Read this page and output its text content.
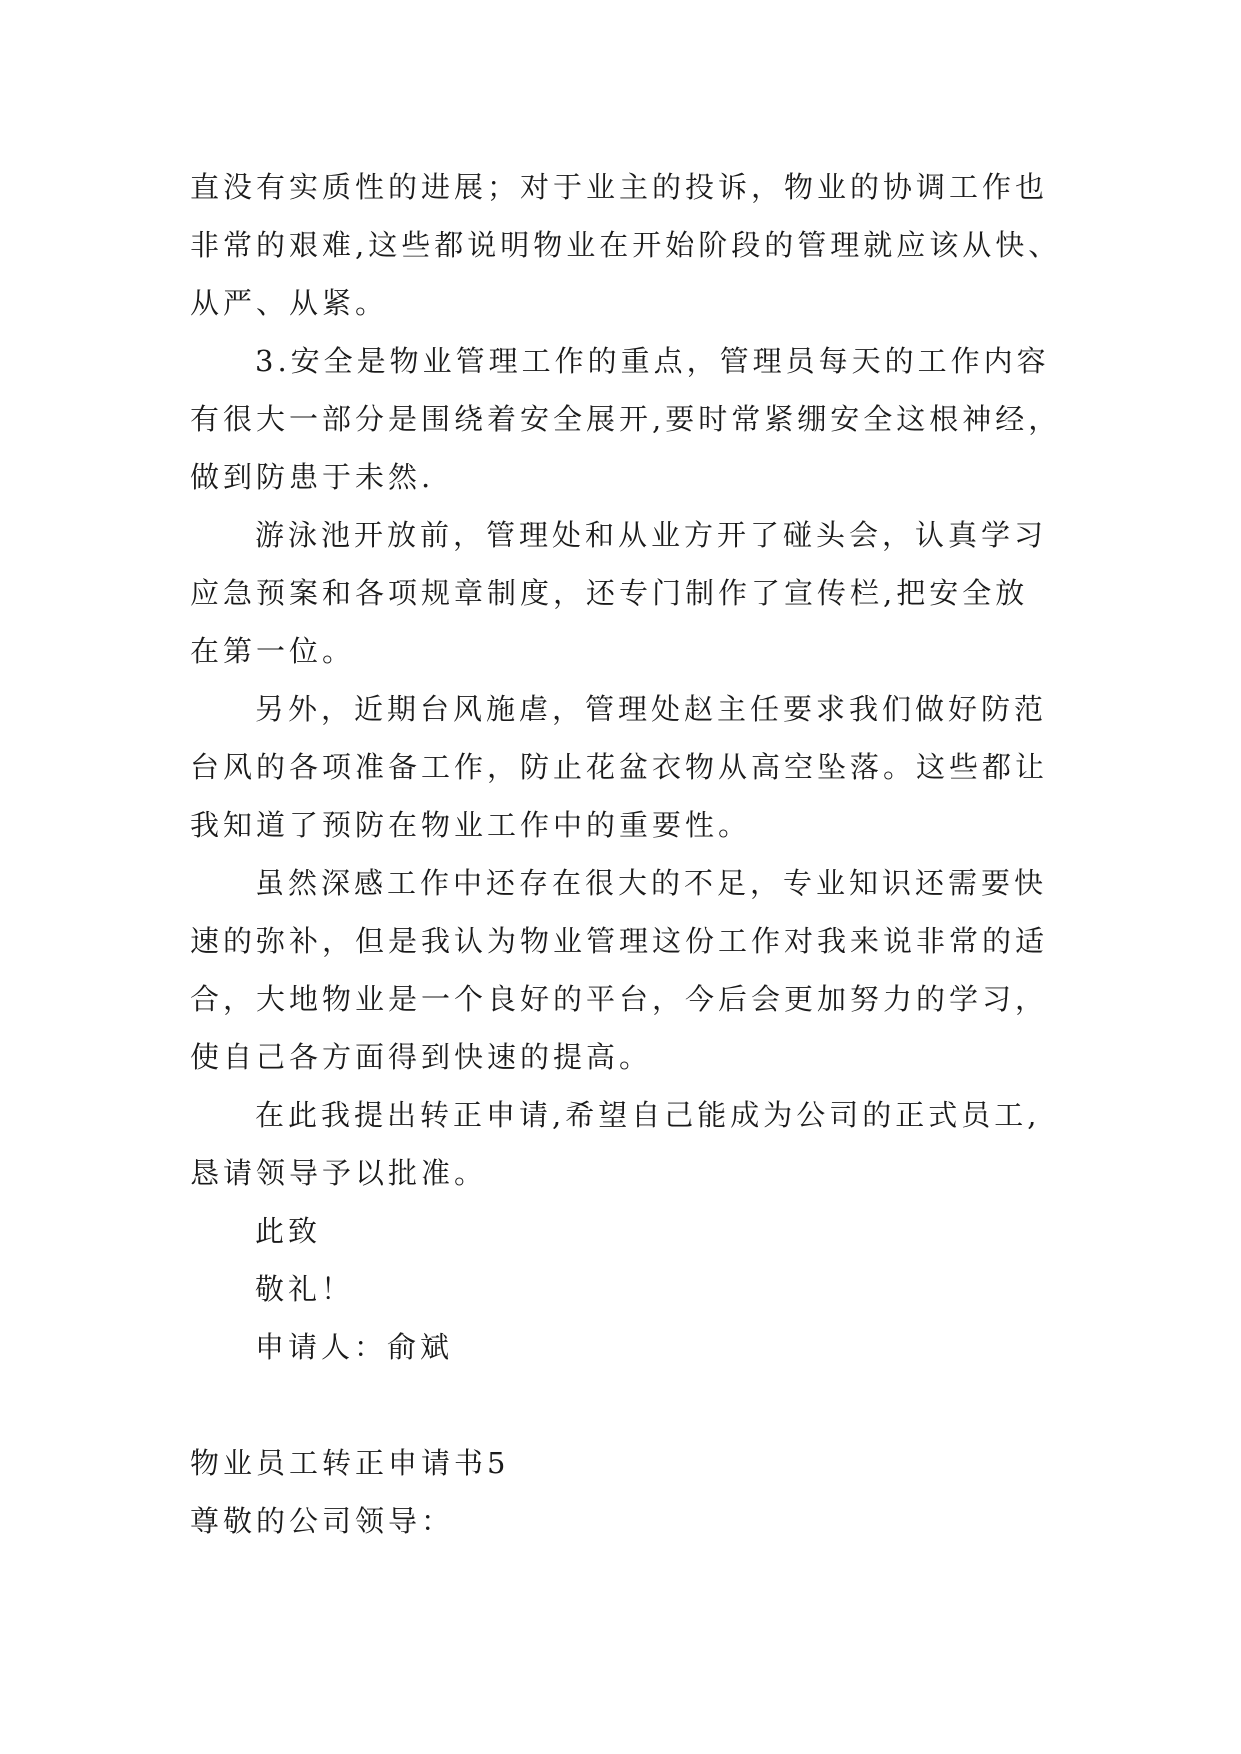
直没有实质性的进展；对于业主的投诉，物业的协调工作也
非常的艰难,这些都说明物业在开始阶段的管理就应该从快、
从严、从紧。
3.安全是物业管理工作的重点，管理员每天的工作内容
有很大一部分是围绕着安全展开,要时常紧绷安全这根神经，
做到防患于未然.
游泳池开放前，管理处和从业方开了碰头会，认真学习
应急预案和各项规章制度，还专门制作了宣传栏,把安全放
在第一位。
另外，近期台风施虐，管理处赵主任要求我们做好防范
台风的各项准备工作，防止花盆衣物从高空坠落。这些都让
我知道了预防在物业工作中的重要性。
虽然深感工作中还存在很大的不足，专业知识还需要快
速的弥补，但是我认为物业管理这份工作对我来说非常的适
合，大地物业是一个良好的平台，今后会更加努力的学习，
使自己各方面得到快速的提高。
在此我提出转正申请,希望自己能成为公司的正式员工,
恳请领导予以批准。
此致
敬礼！
申请人：俞斌
物业员工转正申请书5
尊敬的公司领导：
